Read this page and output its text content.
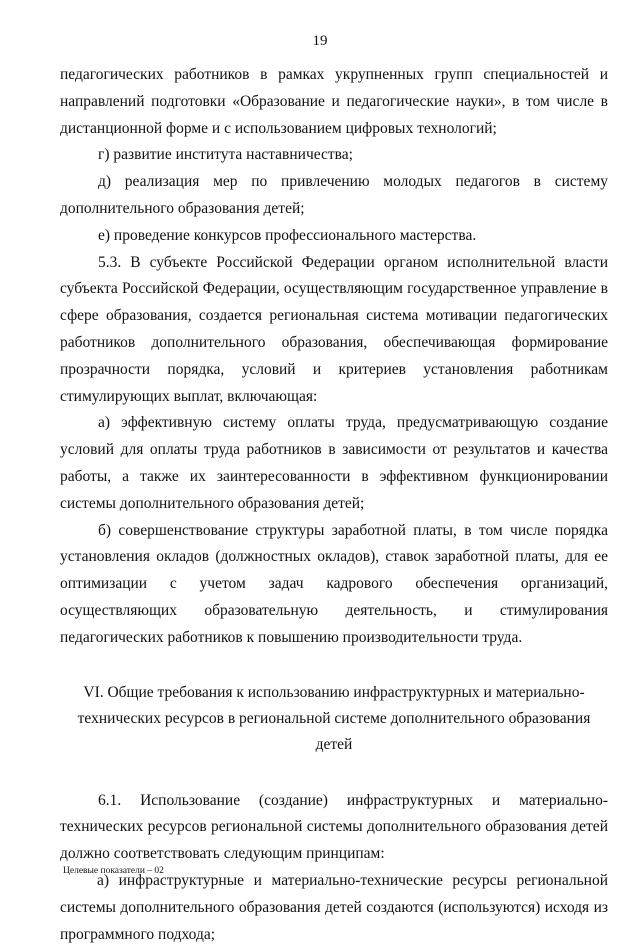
19

педагогических работников в рамках укрупненных групп специальностей и направлений подготовки «Образование и педагогические науки», в том числе в дистанционной форме и с использованием цифровых технологий;

г) развитие института наставничества;

д) реализация мер по привлечению молодых педагогов в систему дополнительного образования детей;

е) проведение конкурсов профессионального мастерства.

5.3. В субъекте Российской Федерации органом исполнительной власти субъекта Российской Федерации, осуществляющим государственное управление в сфере образования, создается региональная система мотивации педагогических работников дополнительного образования, обеспечивающая формирование прозрачности порядка, условий и критериев установления работникам стимулирующих выплат, включающая:

а) эффективную систему оплаты труда, предусматривающую создание условий для оплаты труда работников в зависимости от результатов и качества работы, а также их заинтересованности в эффективном функционировании системы дополнительного образования детей;

б) совершенствование структуры заработной платы, в том числе порядка установления окладов (должностных окладов), ставок заработной платы, для ее оптимизации с учетом задач кадрового обеспечения организаций, осуществляющих образовательную деятельность, и стимулирования педагогических работников к повышению производительности труда.

VI. Общие требования к использованию инфраструктурных и материально-технических ресурсов в региональной системе дополнительного образования детей

6.1. Использование (создание) инфраструктурных и материально-технических ресурсов региональной системы дополнительного образования детей должно соответствовать следующим принципам:

а) инфраструктурные и материально-технические ресурсы региональной системы дополнительного образования детей создаются (используются) исходя из программного подхода;

Целевые показатели – 02
